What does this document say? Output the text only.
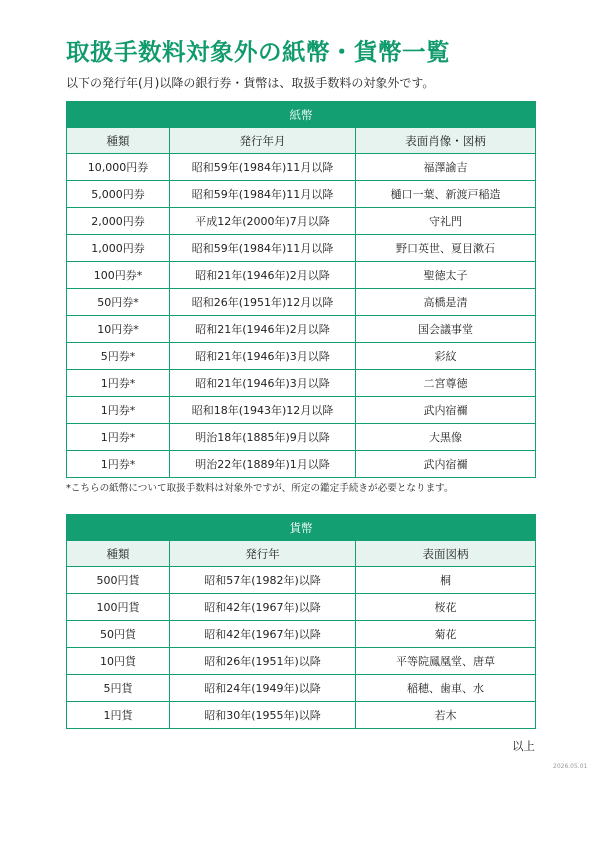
取扱手数料対象外の紙幣・貨幣一覧
以下の発行年(月)以降の銀行券・貨幣は、取扱手数料の対象外です。
紙幣		
種類	発行年月	表面肖像・図柄
10,000円券	昭和59年(1984年)11月以降	福澤諭吉
5,000円券	昭和59年(1984年)11月以降	樋口一葉、新渡戸稲造
2,000円券	平成12年(2000年)7月以降	守礼門
1,000円券	昭和59年(1984年)11月以降	野口英世、夏目漱石
100円券*	昭和21年(1946年)2月以降	聖徳太子
50円券*	昭和26年(1951年)12月以降	高橋是清
10円券*	昭和21年(1946年)2月以降	国会議事堂
5円券*	昭和21年(1946年)3月以降	彩紋
1円券*	昭和21年(1946年)3月以降	二宮尊徳
1円券*	昭和18年(1943年)12月以降	武内宿禰
1円券*	明治18年(1885年)9月以降	大黒像
1円券*	明治22年(1889年)1月以降	武内宿禰
*こちらの紙幣について取扱手数料は対象外ですが、所定の鑑定手続きが必要となります。
貨幣		
種類	発行年	表面図柄
500円貨	昭和57年(1982年)以降	桐
100円貨	昭和42年(1967年)以降	桜花
50円貨	昭和42年(1967年)以降	菊花
10円貨	昭和26年(1951年)以降	平等院鳳凰堂、唐草
5円貨	昭和24年(1949年)以降	稲穂、歯車、水
1円貨	昭和30年(1955年)以降	若木
以上
2026.05.01
